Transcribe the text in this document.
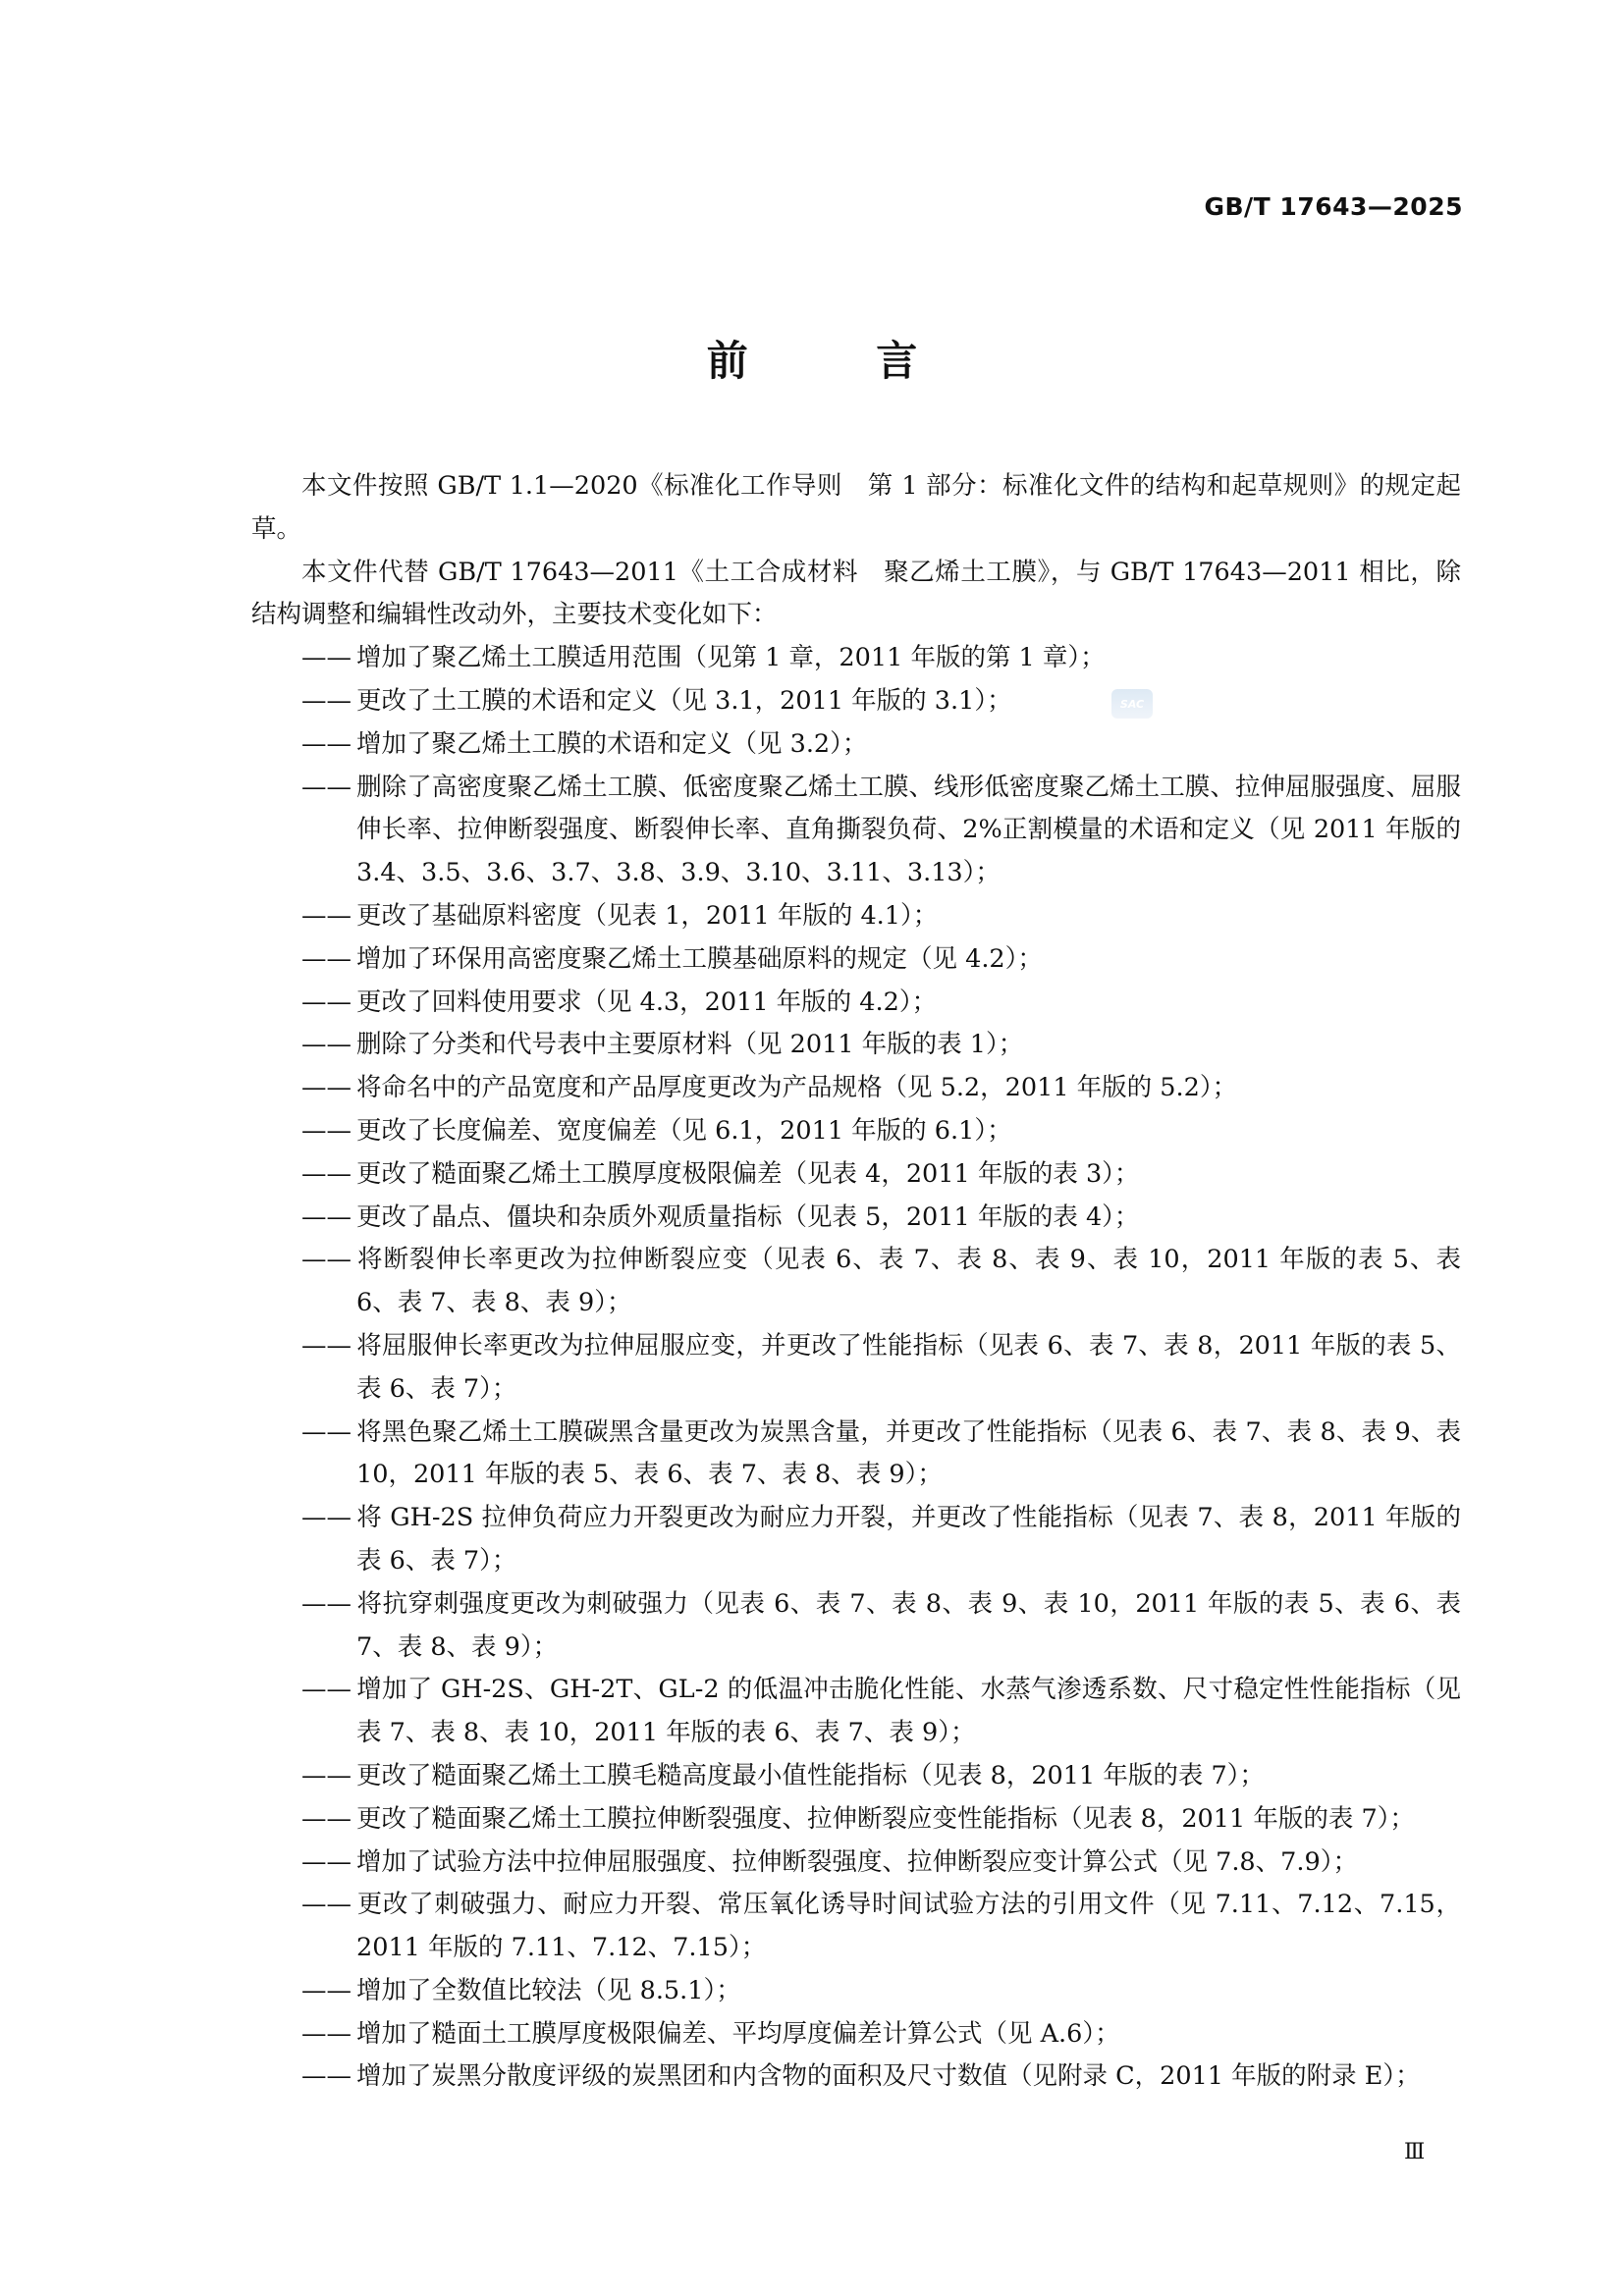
GB/T 17643—2025
前 言
SAC

本文件按照 GB/T 1.1—2020《标准化工作导则　第 1 部分：标准化文件的结构和起草规则》的规定起草。

本文件代替 GB/T 17643—2011《土工合成材料　聚乙烯土工膜》，与 GB/T 17643—2011 相比，除结构调整和编辑性改动外，主要技术变化如下：

—— 增加了聚乙烯土工膜适用范围（见第 1 章，2011 年版的第 1 章）；

—— 更改了土工膜的术语和定义（见 3.1，2011 年版的 3.1）；

—— 增加了聚乙烯土工膜的术语和定义（见 3.2）；

—— 删除了高密度聚乙烯土工膜、低密度聚乙烯土工膜、线形低密度聚乙烯土工膜、拉伸屈服强度、屈服伸长率、拉伸断裂强度、断裂伸长率、直角撕裂负荷、2%正割模量的术语和定义（见 2011 年版的 3.4、3.5、3.6、3.7、3.8、3.9、3.10、3.11、3.13）；

—— 更改了基础原料密度（见表 1，2011 年版的 4.1）；

—— 增加了环保用高密度聚乙烯土工膜基础原料的规定（见 4.2）；

—— 更改了回料使用要求（见 4.3，2011 年版的 4.2）；

—— 删除了分类和代号表中主要原材料（见 2011 年版的表 1）；

—— 将命名中的产品宽度和产品厚度更改为产品规格（见 5.2，2011 年版的 5.2）；

—— 更改了长度偏差、宽度偏差（见 6.1，2011 年版的 6.1）；

—— 更改了糙面聚乙烯土工膜厚度极限偏差（见表 4，2011 年版的表 3）；

—— 更改了晶点、僵块和杂质外观质量指标（见表 5，2011 年版的表 4）；

—— 将断裂伸长率更改为拉伸断裂应变（见表 6、表 7、表 8、表 9、表 10，2011 年版的表 5、表 6、表 7、表 8、表 9）；

—— 将屈服伸长率更改为拉伸屈服应变，并更改了性能指标（见表 6、表 7、表 8，2011 年版的表 5、表 6、表 7）；

—— 将黑色聚乙烯土工膜碳黑含量更改为炭黑含量，并更改了性能指标（见表 6、表 7、表 8、表 9、表 10，2011 年版的表 5、表 6、表 7、表 8、表 9）；

—— 将 GH-2S 拉伸负荷应力开裂更改为耐应力开裂，并更改了性能指标（见表 7、表 8，2011 年版的表 6、表 7）；

—— 将抗穿刺强度更改为刺破强力（见表 6、表 7、表 8、表 9、表 10，2011 年版的表 5、表 6、表 7、表 8、表 9）；

—— 增加了 GH-2S、GH-2T、GL-2 的低温冲击脆化性能、水蒸气渗透系数、尺寸稳定性性能指标（见表 7、表 8、表 10，2011 年版的表 6、表 7、表 9）；

—— 更改了糙面聚乙烯土工膜毛糙高度最小值性能指标（见表 8，2011 年版的表 7）；

—— 更改了糙面聚乙烯土工膜拉伸断裂强度、拉伸断裂应变性能指标（见表 8，2011 年版的表 7）；

—— 增加了试验方法中拉伸屈服强度、拉伸断裂强度、拉伸断裂应变计算公式（见 7.8、7.9）；

—— 更改了刺破强力、耐应力开裂、常压氧化诱导时间试验方法的引用文件（见 7.11、7.12、7.15，2011 年版的 7.11、7.12、7.15）；

—— 增加了全数值比较法（见 8.5.1）；

—— 增加了糙面土工膜厚度极限偏差、平均厚度偏差计算公式（见 A.6）；

—— 增加了炭黑分散度评级的炭黑团和内含物的面积及尺寸数值（见附录 C，2011 年版的附录 E）；

Ⅲ
